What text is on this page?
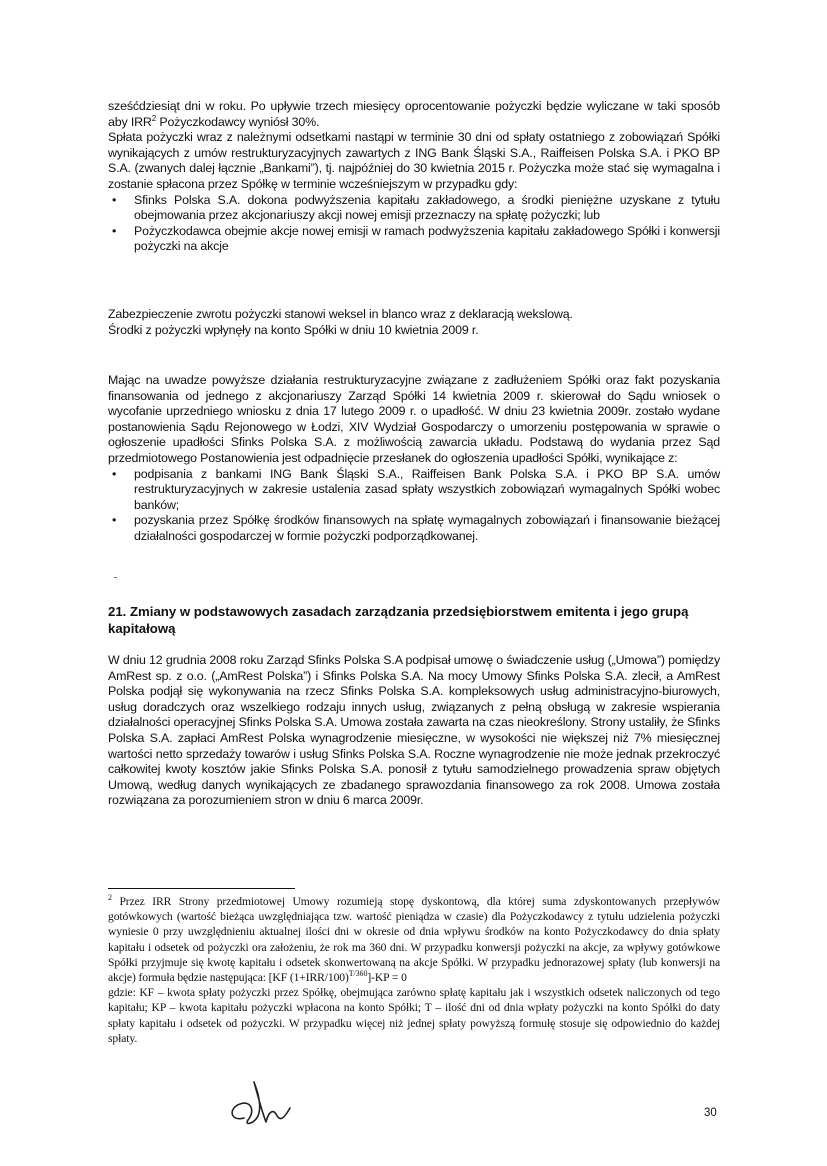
sześćdziesiąt dni w roku. Po upływie trzech miesięcy oprocentowanie pożyczki będzie wyliczane w taki sposób aby IRR$^2$ Pożyczkodawcy wyniósł 30%.

Spłata pożyczki wraz z należnymi odsetkami nastąpi w terminie 30 dni od spłaty ostatniego z zobowiązań Spółki wynikających z umów restrukturyzacyjnych zawartych z ING Bank Śląski S.A., Raiffeisen Polska S.A. i PKO BP S.A. (zwanych dalej łącznie „Bankami”), tj. najpóźniej do 30 kwietnia 2015 r. Pożyczka może stać się wymagalna i zostanie spłacona przez Spółkę w terminie wcześniejszym w przypadku gdy:

• Sfinks Polska S.A. dokona podwyższenia kapitału zakładowego, a środki pieniężne uzyskane z tytułu obejmowania przez akcjonariuszy akcji nowej emisji przeznaczy na spłatę pożyczki; lub
• Pożyczkodawca obejmie akcje nowej emisji w ramach podwyższenia kapitału zakładowego Spółki i konwersji pożyczki na akcje

Zabezpieczenie zwrotu pożyczki stanowi weksel in blanco wraz z deklaracją wekslową.

Środki z pożyczki wpłynęły na konto Spółki w dniu 10 kwietnia 2009 r.

Mając na uwadze powyższe działania restrukturyzacyjne związane z zadłużeniem Spółki oraz fakt pozyskania finansowania od jednego z akcjonariuszy Zarząd Spółki 14 kwietnia 2009 r. skierował do Sądu wniosek o wycofanie uprzedniego wniosku z dnia 17 lutego 2009 r. o upadłość. W dniu 23 kwietnia 2009r. zostało wydane postanowienia Sądu Rejonowego w Łodzi, XIV Wydział Gospodarczy o umorzeniu postępowania w sprawie o ogłoszenie upadłości Sfinks Polska S.A. z możliwością zawarcia układu. Podstawą do wydania przez Sąd przedmiotowego Postanowienia jest odpadnięcie przesłanek do ogłoszenia upadłości Spółki, wynikające z:

• podpisania z bankami ING Bank Śląski S.A., Raiffeisen Bank Polska S.A. i PKO BP S.A. umów restrukturyzacyjnych w zakresie ustalenia zasad spłaty wszystkich zobowiązań wymagalnych Spółki wobec banków;
• pozyskania przez Spółkę środków finansowych na spłatę wymagalnych zobowiązań i finansowanie bieżącej działalności gospodarczej w formie pożyczki podporządkowanej.
21. Zmiany w podstawowych zasadach zarządzania przedsiębiorstwem emitenta i jego grupą kapitałową

W dniu 12 grudnia 2008 roku Zarząd Sfinks Polska S.A podpisał umowę o świadczenie usług („Umowa”) pomiędzy AmRest sp. z o.o. („AmRest Polska”) i Sfinks Polska S.A. Na mocy Umowy Sfinks Polska S.A. zlecił, a AmRest Polska podjął się wykonywania na rzecz Sfinks Polska S.A. kompleksowych usług administracyjno-biurowych, usług doradczych oraz wszelkiego rodzaju innych usług, związanych z pełną obsługą w zakresie wspierania działalności operacyjnej Sfinks Polska S.A. Umowa została zawarta na czas nieokreślony. Strony ustaliły, że Sfinks Polska S.A. zapłaci AmRest Polska wynagrodzenie miesięczne, w wysokości nie większej niż 7% miesięcznej wartości netto sprzedaży towarów i usług Sfinks Polska S.A. Roczne wynagrodzenie nie może jednak przekroczyć całkowitej kwoty kosztów jakie Sfinks Polska S.A. ponosił z tytułu samodzielnego prowadzenia spraw objętych Umową, według danych wynikających ze zbadanego sprawozdania finansowego za rok 2008. Umowa została rozwiązana za porozumieniem stron w dniu 6 marca 2009r.

$^2$ Przez IRR Strony przedmiotowej Umowy rozumieją stopę dyskontową, dla której suma zdyskontowanych przepływów gotówkowych (wartość bieżąca uwzględniająca tzw. wartość pieniądza w czasie) dla Pożyczkodawcy z tytułu udzielenia pożyczki wyniesie 0 przy uwzględnieniu aktualnej ilości dni w okresie od dnia wpływu środków na konto Pożyczkodawcy do dnia spłaty kapitału i odsetek od pożyczki ora założeniu, że rok ma 360 dni. W przypadku konwersji pożyczki na akcje, za wpływy gotówkowe Spółki przyjmuje się kwotę kapitału i odsetek skonwertowaną na akcje Spółki. W przypadku jednorazowej spłaty (lub konwersji na akcje) formuła będzie następująca: [KF $(1+IRR/100)^{T/360}]-KP = 0$
gdzie: KF – kwota spłaty pożyczki przez Spółkę, obejmująca zarówno spłatę kapitału jak i wszystkich odsetek naliczonych od tego kapitału; KP – kwota kapitału pożyczki wpłacona na konto Spółki; T – ilość dni od dnia wpłaty pożyczki na konto Spółki do daty spłaty kapitału i odsetek od pożyczki. W przypadku więcej niż jednej spłaty powyższą formułę stosuje się odpowiednio do każdej spłaty.
30
